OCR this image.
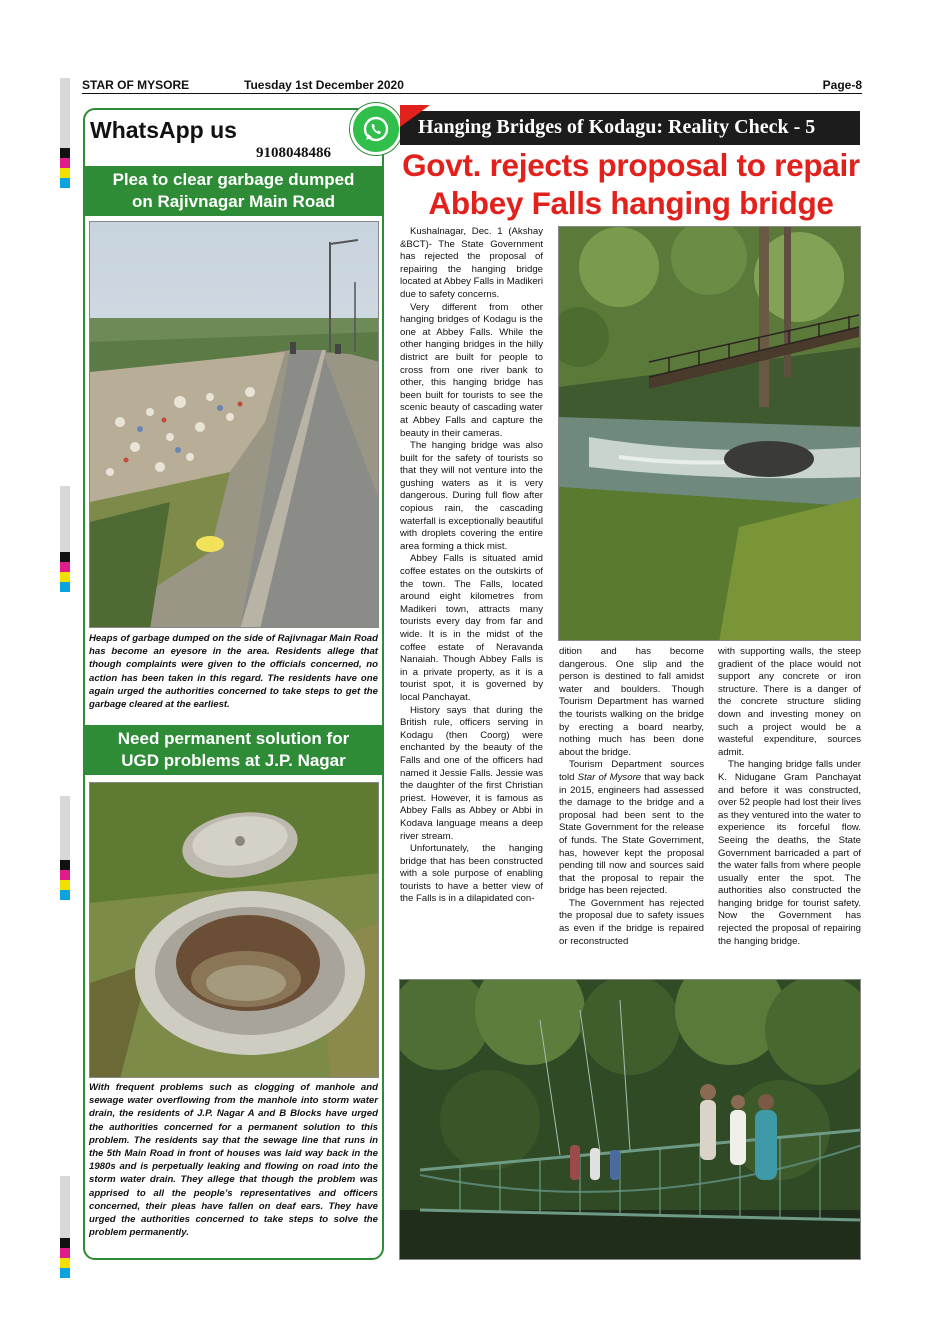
STAR OF MYSORE	Tuesday 1st December 2020	Page-8
WhatsApp us
9108048486
Plea to clear garbage dumped
on Rajivnagar Main Road
Heaps of garbage dumped on the side of Rajivnagar Main Road has become an eyesore in the area. Residents allege that though complaints were given to the officials concerned, no action has been taken in this regard. The residents have one again urged the authorities concerned to take steps to get the garbage cleared at the earliest.
Need permanent solution for
UGD problems at J.P. Nagar
With frequent problems such as clogging of manhole and sewage water overflowing from the manhole into storm water drain, the residents of J.P. Nagar A and B Blocks have urged the authorities concerned for a permanent solution to this problem. The residents say that the sewage line that runs in the 5th Main Road in front of houses was laid way back in the 1980s and is perpetually leaking and flowing on road into the storm water drain. They allege that though the problem was apprised to all the people’s representatives and officers concerned, their pleas have fallen on deaf ears. They have urged the authorities concerned to take steps to solve the problem permanently.
Hanging Bridges of Kodagu: Reality Check - 5
Govt. rejects proposal to repair
Abbey Falls hanging bridge

Kushalnagar, Dec. 1 (Akshay &BCT)- The State Government has rejected the proposal of repairing the hanging bridge located at Abbey Falls in Madikeri due to safety concerns.

Very different from other hanging bridges of Kodagu is the one at Abbey Falls. While the other hanging bridges in the hilly district are built for people to cross from one river bank to other, this hanging bridge has been built for tourists to see the scenic beauty of cascading water at Abbey Falls and capture the beauty in their cameras.

The hanging bridge was also built for the safety of tourists so that they will not venture into the gushing waters as it is very dangerous. During full flow after copious rain, the cascading waterfall is exceptionally beautiful with droplets covering the entire area forming a thick mist.

Abbey Falls is situated amid coffee estates on the outskirts of the town. The Falls, located around eight kilometres from Madikeri town, attracts many tourists every day from far and wide. It is in the midst of the coffee estate of Neravanda Nanaiah. Though Abbey Falls is in a private property, as it is a tourist spot, it is governed by local Panchayat.

History says that during the British rule, officers serving in Kodagu (then Coorg) were enchanted by the beauty of the Falls and one of the officers had named it Jessie Falls. Jessie was the daughter of the first Christian priest. However, it is famous as Abbey Falls as Abbey or Abbi in Kodava language means a deep river stream.

Unfortunately, the hanging bridge that has been constructed with a sole purpose of enabling tourists to have a better view of the Falls is in a dilapidated con-

dition and has become dangerous. One slip and the person is destined to fall amidst water and boulders. Though Tourism Department has warned the tourists walking on the bridge by erecting a board nearby, nothing much has been done about the bridge.

Tourism Department sources told Star of Mysore that way back in 2015, engineers had assessed the damage to the bridge and a proposal had been sent to the State Government for the release of funds. The State Government, has, however kept the proposal pending till now and sources said that the proposal to repair the bridge has been rejected.

The Government has rejected the proposal due to safety issues as even if the bridge is repaired or reconstructed

with supporting walls, the steep gradient of the place would not support any concrete or iron structure. There is a danger of the concrete structure sliding down and investing money on such a project would be a wasteful expenditure, sources admit.

The hanging bridge falls under K. Nidugane Gram Panchayat and before it was constructed, over 52 people had lost their lives as they ventured into the water to experience its forceful flow. Seeing the deaths, the State Government barricaded a part of the water falls from where people usually enter the spot. The authorities also constructed the hanging bridge for tourist safety. Now the Government has rejected the proposal of repairing the hanging bridge.
